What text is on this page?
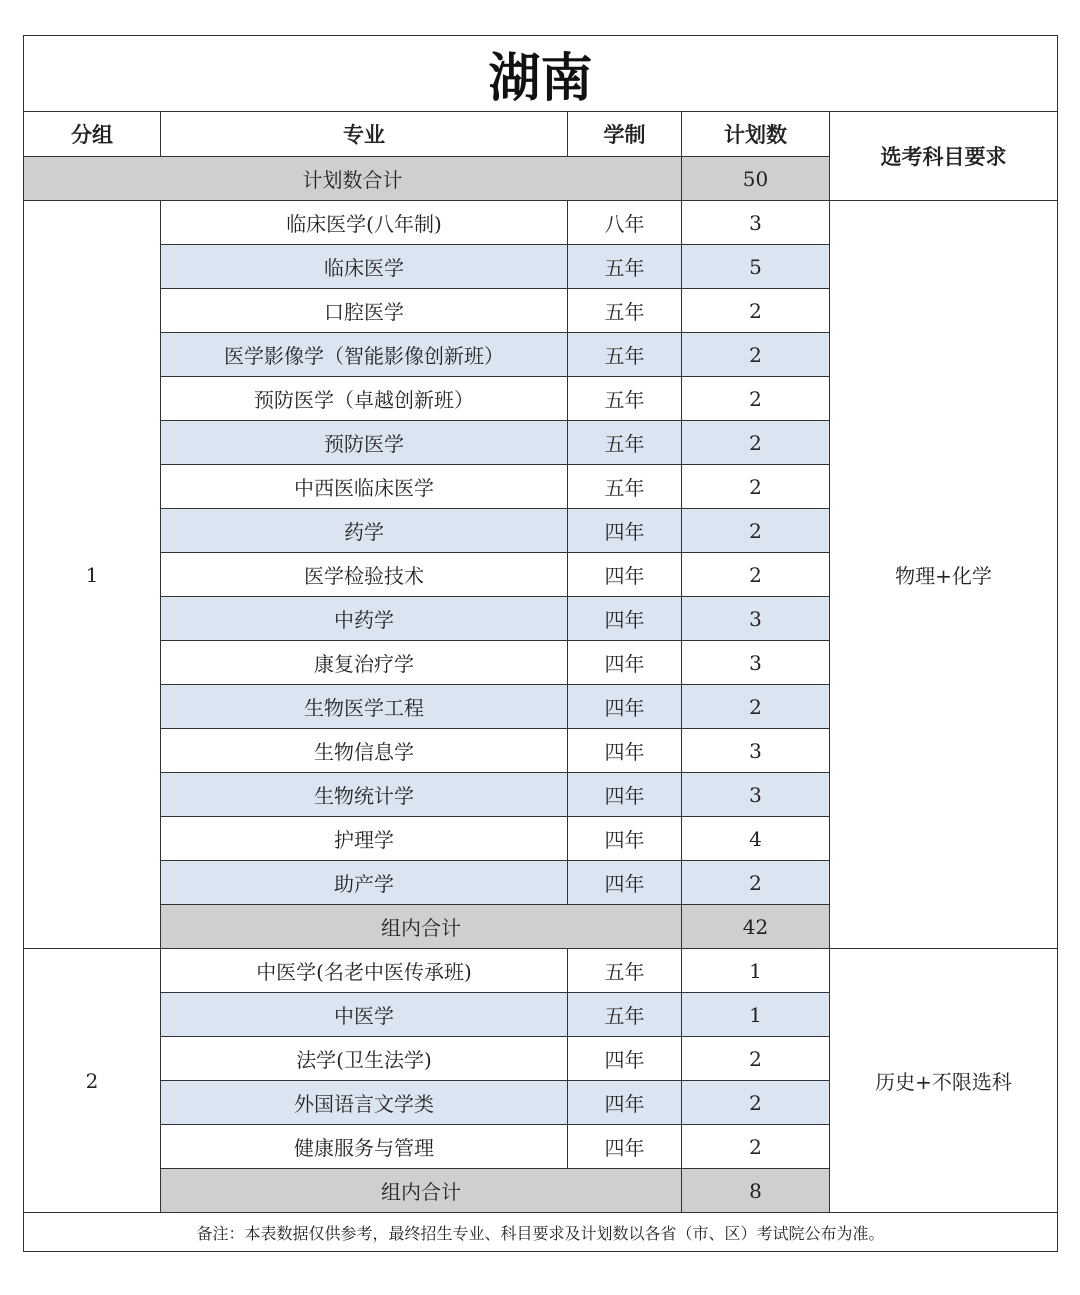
湖南				
分组	专业	学制	计划数	选考科目要求
计划数合计			50	
1	临床医学(八年制)	八年	3	物理+化学
	临床医学	五年	5	
	口腔医学	五年	2	
	医学影像学（智能影像创新班）	五年	2	
	预防医学（卓越创新班）	五年	2	
	预防医学	五年	2	
	中西医临床医学	五年	2	
	药学	四年	2	
	医学检验技术	四年	2	
	中药学	四年	3	
	康复治疗学	四年	3	
	生物医学工程	四年	2	
	生物信息学	四年	3	
	生物统计学	四年	3	
	护理学	四年	4	
	助产学	四年	2	
	组内合计		42	
2	中医学(名老中医传承班)	五年	1	历史+不限选科
	中医学	五年	1	
	法学(卫生法学)	四年	2	
	外国语言文学类	四年	2	
	健康服务与管理	四年	2	
	组内合计		8	
备注：本表数据仅供参考，最终招生专业、科目要求及计划数以各省（市、区）考试院公布为准。				
